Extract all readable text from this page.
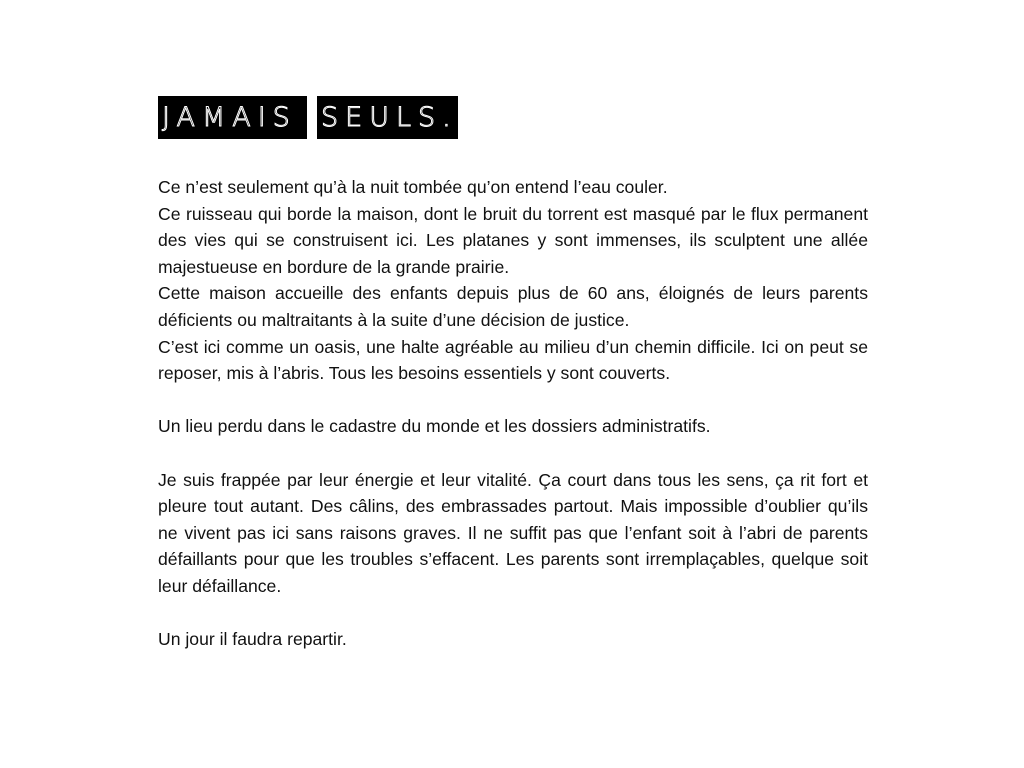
JAMAIS SEULS.

Ce n’est seulement qu’à la nuit tombée qu’on entend l’eau couler.

Ce ruisseau qui borde la maison, dont le bruit du torrent est masqué par le flux permanent des vies qui se construisent ici. Les platanes y sont immenses, ils sculptent une allée majestueuse en bordure de la grande prairie.

Cette maison accueille des enfants depuis plus de 60 ans, éloignés de leurs parents déficients ou maltraitants à la suite d’une décision de justice.

C’est ici comme un oasis, une halte agréable au milieu d’un chemin difficile. Ici on peut se reposer, mis à l’abris. Tous les besoins essentiels y sont couverts.

Un lieu perdu dans le cadastre du monde et les dossiers administratifs.

Je suis frappée par leur énergie et leur vitalité. Ça court dans tous les sens, ça rit fort et pleure tout autant. Des câlins, des embrassades partout. Mais impossible d’oublier qu’ils ne vivent pas ici sans raisons graves. Il ne suffit pas que l’enfant soit à l’abri de parents défaillants pour que les troubles s’effacent. Les parents sont irremplaçables, quelque soit leur défaillance.

Un jour il faudra repartir.
